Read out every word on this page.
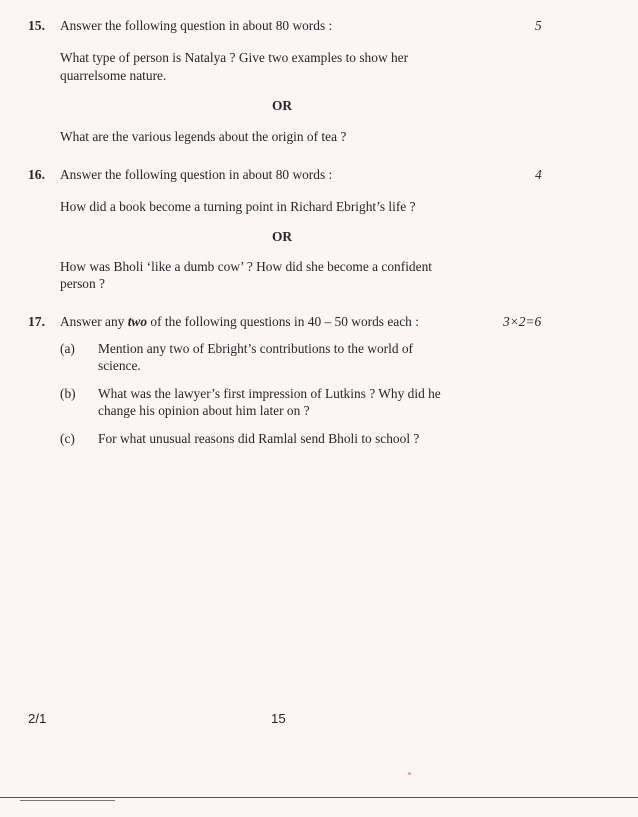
15. Answer the following question in about 80 words :	5
What type of person is Natalya ? Give two examples to show her
quarrelsome nature.
OR
What are the various legends about the origin of tea ?
16. Answer the following question in about 80 words :	4
How did a book become a turning point in Richard Ebright’s life ?
OR
How was Bholi ‘like a dumb cow’ ? How did she become a confident
person ?
17. Answer any two of the following questions in 40 – 50 words each :	3×2=6
(a) Mention any two of Ebright’s contributions to the world of
science.
(b) What was the lawyer’s first impression of Lutkins ? Why did he
change his opinion about him later on ?
(c) For what unusual reasons did Ramlal send Bholi to school ?
2/1	15
